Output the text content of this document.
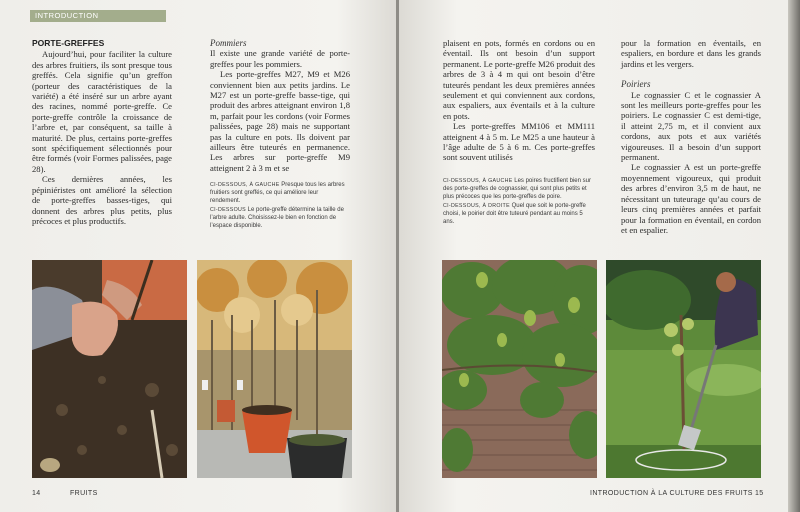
INTRODUCTION
PORTE-GREFFES

Aujourd’hui, pour faciliter la culture des arbres fruitiers, ils sont presque tous greffés. Cela signifie qu’un greffon (porteur des caractéristiques de la variété) a été inséré sur un arbre ayant des racines, nommé porte-greffe. Ce porte-greffe contrôle la croissance de l’arbre et, par conséquent, sa taille à maturité. De plus, certains porte-greffes sont spécifiquement sélectionnés pour être formés (voir Formes palissées, page 28).

Ces dernières années, les pépiniéristes ont amélioré la sélection de porte-greffes basses-tiges, qui donnent des arbres plus petits, plus précoces et plus productifs.

Pommiers

Il existe une grande variété de porte-greffes pour les pommiers.

Les porte-greffes M27, M9 et M26 conviennent bien aux petits jardins. Le M27 est un porte-greffe basse-tige, qui produit des arbres atteignant environ 1,8 m, parfait pour les cordons (voir Formes palissées, page 28) mais ne supportant pas la culture en pots. Ils doivent par ailleurs être tuteurés en permanence. Les arbres sur porte-greffe M9 atteignent 2 à 3 m et se

CI-DESSOUS, À GAUCHE Presque tous les arbres fruitiers sont greffés, ce qui améliore leur rendement.
CI-DESSOUS Le porte-greffe détermine la taille de l’arbre adulte. Choisissez-le bien en fonction de l’espace disponible.
14	FRUITS

plaisent en pots, formés en cordons ou en éventail. Ils ont besoin d’un support permanent. Le porte-greffe M26 produit des arbres de 3 à 4 m qui ont besoin d’être tuteurés pendant les deux premières années seulement et qui conviennent aux cordons, aux espaliers, aux éventails et à la culture en pots.

Les porte-greffes MM106 et MM111 atteignent 4 à 5 m. Le M25 a une hauteur à l’âge adulte de 5 à 6 m. Ces porte-greffes sont souvent utilisés

CI-DESSOUS, À GAUCHE Les poires fructifient bien sur des porte-greffes de cognassier, qui sont plus petits et plus précoces que les porte-greffes de poire.
CI-DESSOUS, À DROITE Quel que soit le porte-greffe choisi, le poirier doit être tuteuré pendant au moins 5 ans.

pour la formation en éventails, en espaliers, en bordure et dans les grands jardins et les vergers.

Poiriers

Le cognassier C et le cognassier A sont les meilleurs porte-greffes pour les poiriers. Le cognassier C est demi-tige, il atteint 2,75 m, et il convient aux cordons, aux pots et aux variétés vigoureuses. Il a besoin d’un support permanent.

Le cognassier A est un porte-greffe moyennement vigoureux, qui produit des arbres d’environ 3,5 m de haut, ne nécessitant un tuteurage qu’au cours de leurs cinq premières années et parfait pour la formation en éventail, en cordon et en espalier.

INTRODUCTION À LA CULTURE DES FRUITS 15
